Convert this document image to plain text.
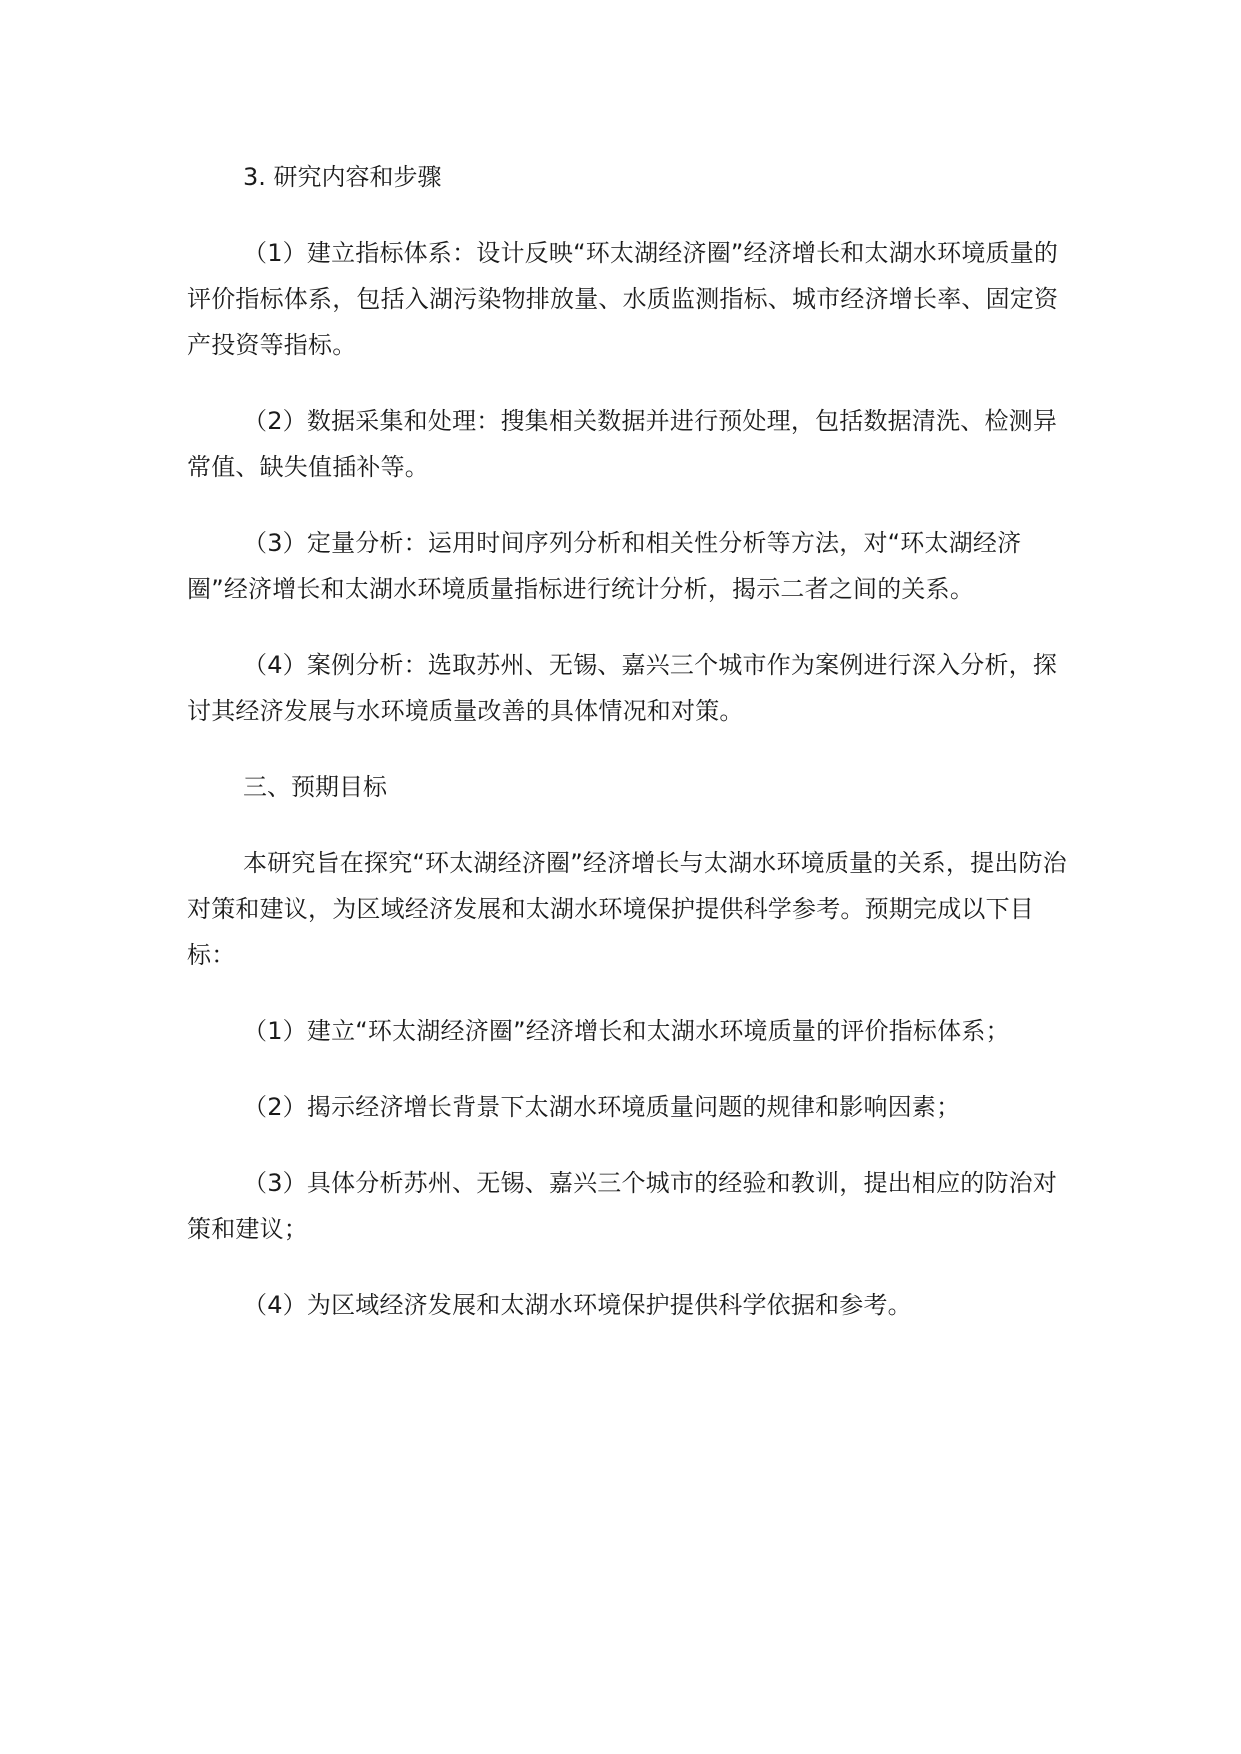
3. 研究内容和步骤

（1）建立指标体系：设计反映“环太湖经济圈”经济增长和太湖水环境质量的评价指标体系，包括入湖污染物排放量、水质监测指标、城市经济增长率、固定资产投资等指标。

（2）数据采集和处理：搜集相关数据并进行预处理，包括数据清洗、检测异常值、缺失值插补等。

（3）定量分析：运用时间序列分析和相关性分析等方法，对“环太湖经济圈”经济增长和太湖水环境质量指标进行统计分析，揭示二者之间的关系。

（4）案例分析：选取苏州、无锡、嘉兴三个城市作为案例进行深入分析，探讨其经济发展与水环境质量改善的具体情况和对策。

三、预期目标

本研究旨在探究“环太湖经济圈”经济增长与太湖水环境质量的关系，提出防治对策和建议，为区域经济发展和太湖水环境保护提供科学参考。预期完成以下目标：

（1）建立“环太湖经济圈”经济增长和太湖水环境质量的评价指标体系；

（2）揭示经济增长背景下太湖水环境质量问题的规律和影响因素；

（3）具体分析苏州、无锡、嘉兴三个城市的经验和教训，提出相应的防治对策和建议；

（4）为区域经济发展和太湖水环境保护提供科学依据和参考。
